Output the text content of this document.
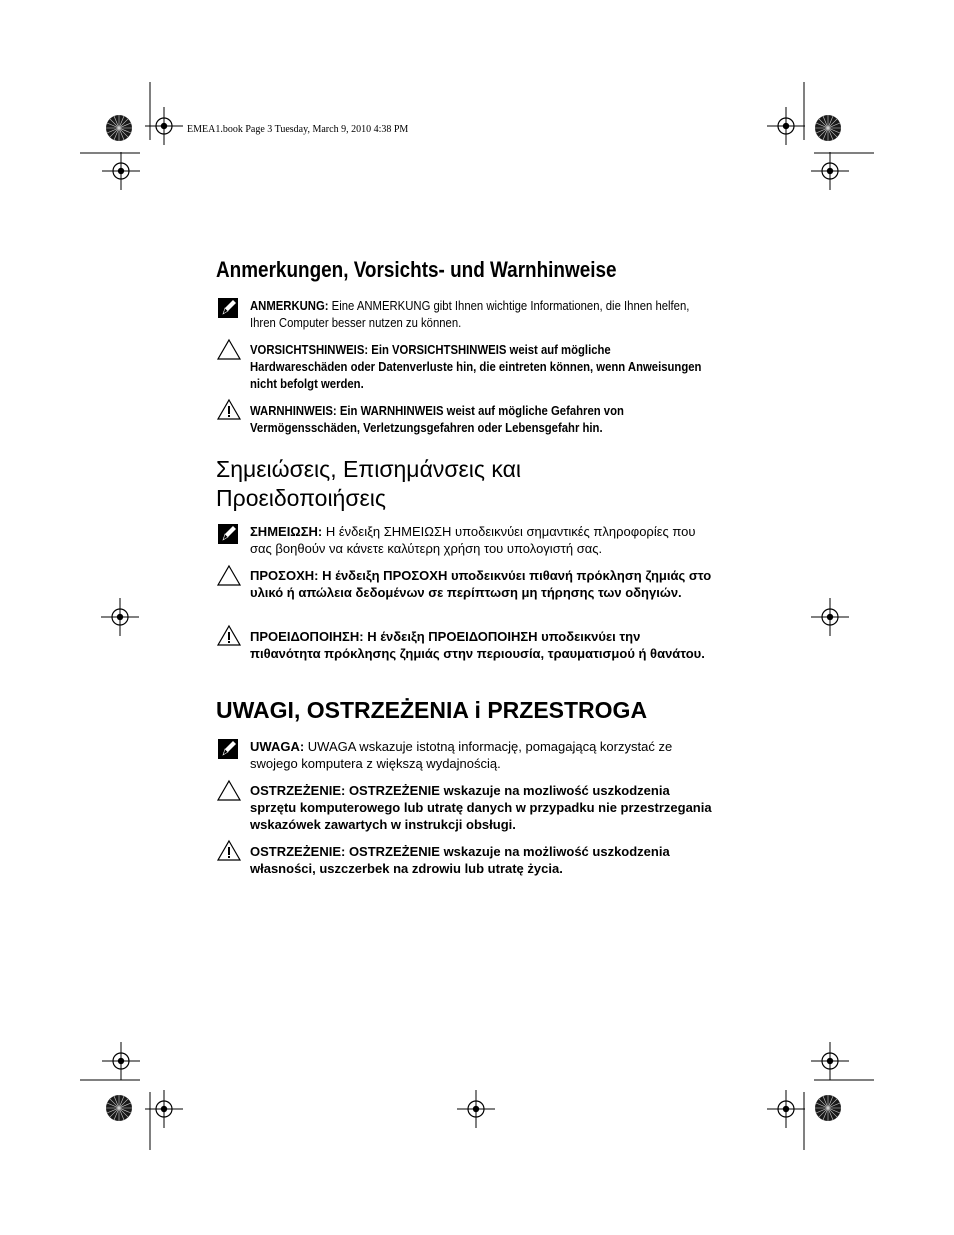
EMEA1.book Page 3 Tuesday, March 9, 2010 4:38 PM
Anmerkungen, Vorsichts- und Warnhinweise
ANMERKUNG: Eine ANMERKUNG gibt Ihnen wichtige Informationen, die Ihnen helfen, Ihren Computer besser nutzen zu können.
VORSICHTSHINWEIS: Ein VORSICHTSHINWEIS weist auf mögliche Hardwareschäden oder Datenverluste hin, die eintreten können, wenn Anweisungen nicht befolgt werden.
WARNHINWEIS: Ein WARNHINWEIS weist auf mögliche Gefahren von Vermögensschäden, Verletzungsgefahren oder Lebensgefahr hin.
Σημειώσεις, Επισημάνσεις και
Προειδοποιήσεις
ΣΗΜΕΙΩΣΗ: Η ένδειξη ΣΗΜΕΙΩΣΗ υποδεικνύει σημαντικές πληροφορίες που σας βοηθούν να κάνετε καλύτερη χρήση του υπολογιστή σας.
ΠΡΟΣΟΧΗ: Η ένδειξη ΠΡΟΣΟΧΗ υποδεικνύει πιθανή πρόκληση ζημιάς στο υλικό ή απώλεια δεδομένων σε περίπτωση μη τήρησης των οδηγιών.
ΠΡΟΕΙΔΟΠΟΙΗΣΗ: Η ένδειξη ΠΡΟΕΙΔΟΠΟΙΗΣΗ υποδεικνύει την πιθανότητα πρόκλησης ζημιάς στην περιουσία, τραυματισμού ή θανάτου.
UWAGI, OSTRZEŻENIA i PRZESTROGA
UWAGA: UWAGA wskazuje istotną informację, pomagającą korzystać ze swojego komputera z większą wydajnością.
OSTRZEŻENIE: OSTRZEŻENIE wskazuje na mozliwość uszkodzenia sprzętu komputerowego lub utratę danych w przypadku nie przestrzegania wskazówek zawartych w instrukcji obsługi.
OSTRZEŻENIE: OSTRZEŻENIE wskazuje na możliwość uszkodzenia własności, uszczerbek na zdrowiu lub utratę życia.
